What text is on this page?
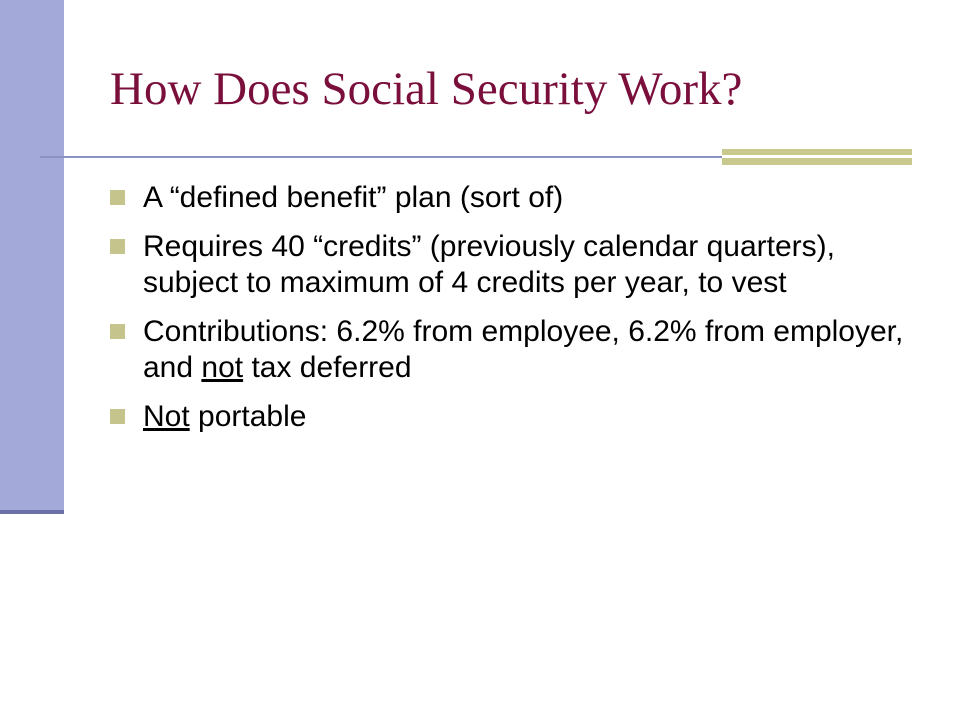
How Does Social Security Work?
A “defined benefit” plan (sort of)
Requires 40 “credits” (previously calendar quarters), subject to maximum of 4 credits per year, to vest
Contributions: 6.2% from employee, 6.2% from employer, and not tax deferred
Not portable
